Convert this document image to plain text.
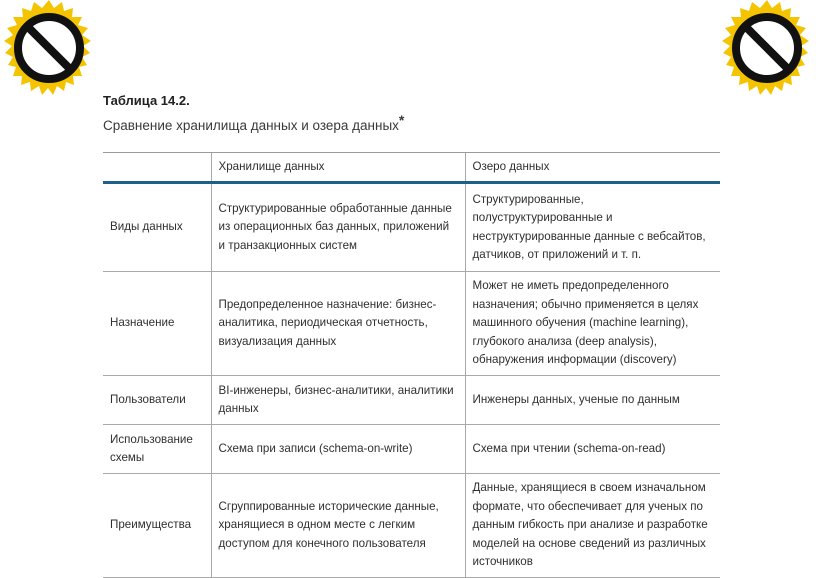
Таблица 14.2.

Сравнение хранилища данных и озера данных*

	Хранилище данных	Озеро данных
Виды данных	Структурированные обработанные данные из операционных баз данных, приложений и транзакционных систем	Структурированные, полуструктурированные и неструктурированные данные с вебсайтов, датчиков, от приложений и т. п.
Назначение	Предопределенное назначение: бизнес-аналитика, периодическая отчетность, визуализация данных	Может не иметь предопределенного назначения; обычно применяется в целях машинного обучения (machine learning), глубокого анализа (deep analysis), обнаружения информации (discovery)
Пользователи	BI-инженеры, бизнес-аналитики, аналитики данных	Инженеры данных, ученые по данным
Использование схемы	Схема при записи (schema-on-write)	Схема при чтении (schema-on-read)
Преимущества	Сгруппированные исторические данные, хранящиеся в одном месте с легким доступом для конечного пользователя	Данные, хранящиеся в своем изначальном формате, что обеспечивает для ученых по данным гибкость при анализе и разработке моделей на основе сведений из различных источников
